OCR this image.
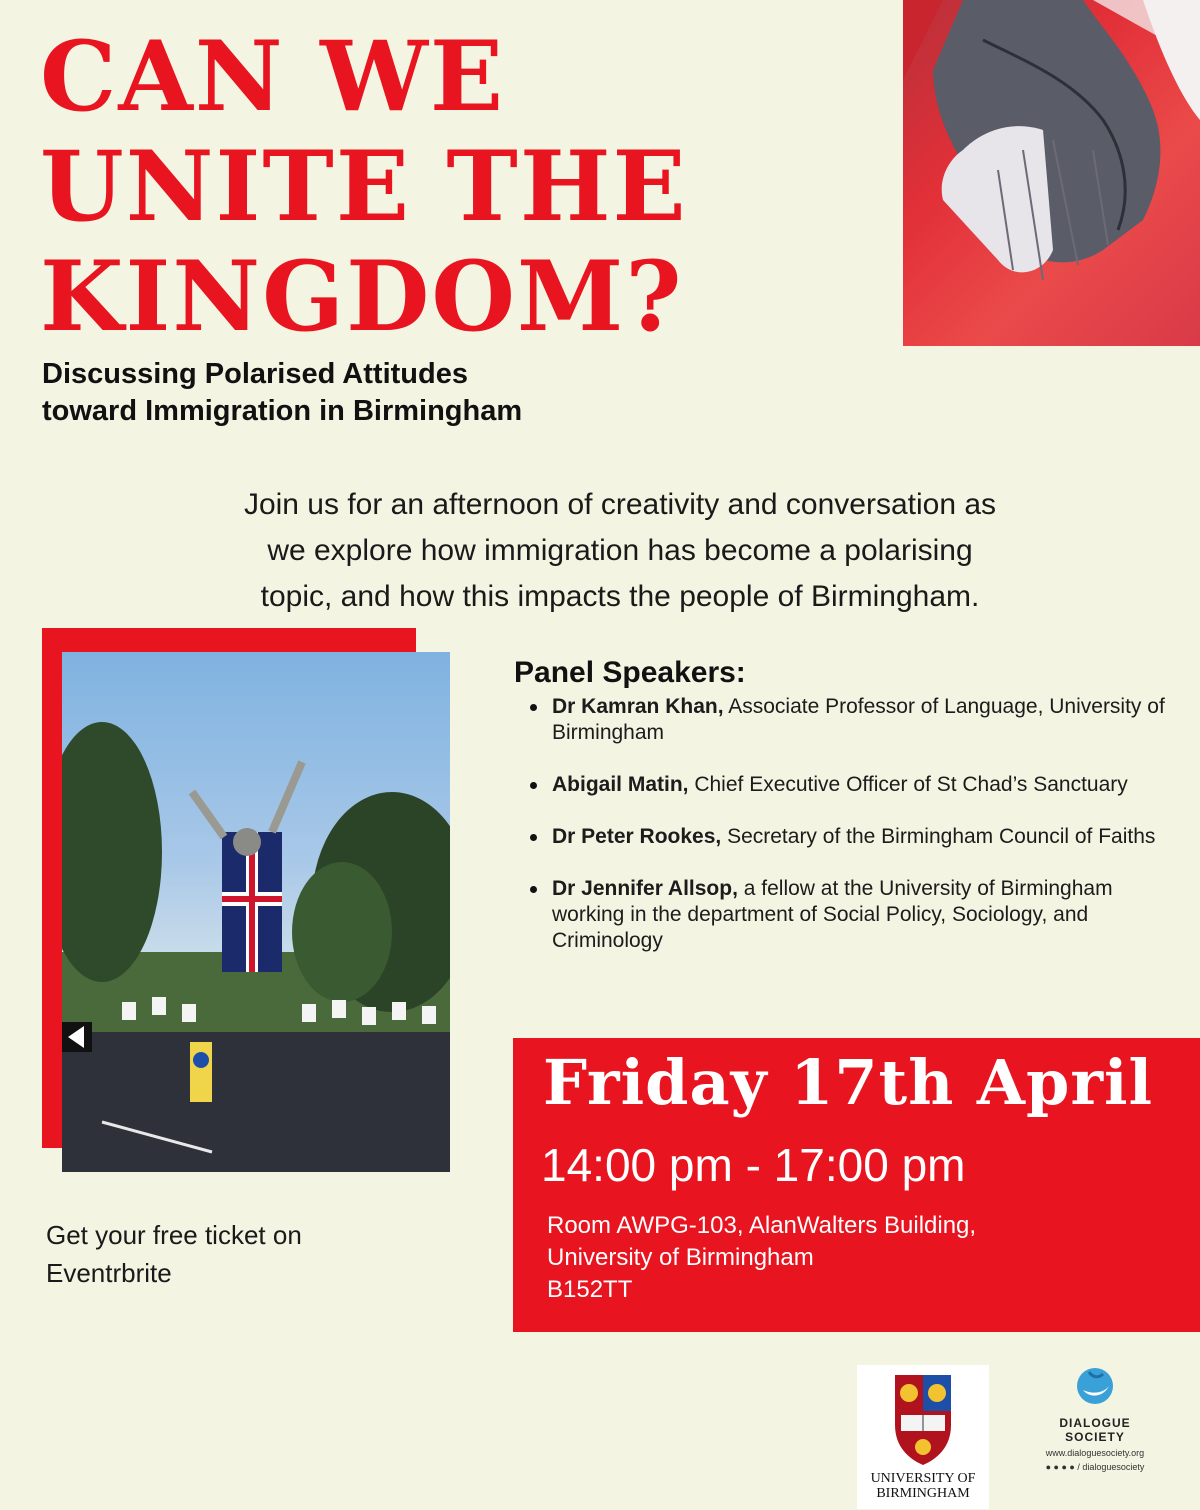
CAN WE
UNITE THE
KINGDOM?
Discussing Polarised Attitudes
toward Immigration in Birmingham
Join us for an afternoon of creativity and conversation as
we explore how immigration has become a polarising
topic, and how this impacts the people of Birmingham.
Panel Speakers:
Dr Kamran Khan, Associate Professor of Language, University of Birmingham
Abigail Matin, Chief Executive Officer of St Chad’s Sanctuary
Dr Peter Rookes, Secretary of the Birmingham Council of Faiths
Dr Jennifer Allsop, a fellow at the University of Birmingham working in the department of Social Policy, Sociology, and Criminology
Friday 17th April
14:00 pm - 17:00 pm
Room AWPG-103, AlanWalters Building,
University of Birmingham
B152TT
Get your free ticket on
Eventrbrite
UNIVERSITY OF
BIRMINGHAM
DIALOGUE
SOCIETY
www.dialoguesociety.org
● ● ● ● / dialoguesociety
